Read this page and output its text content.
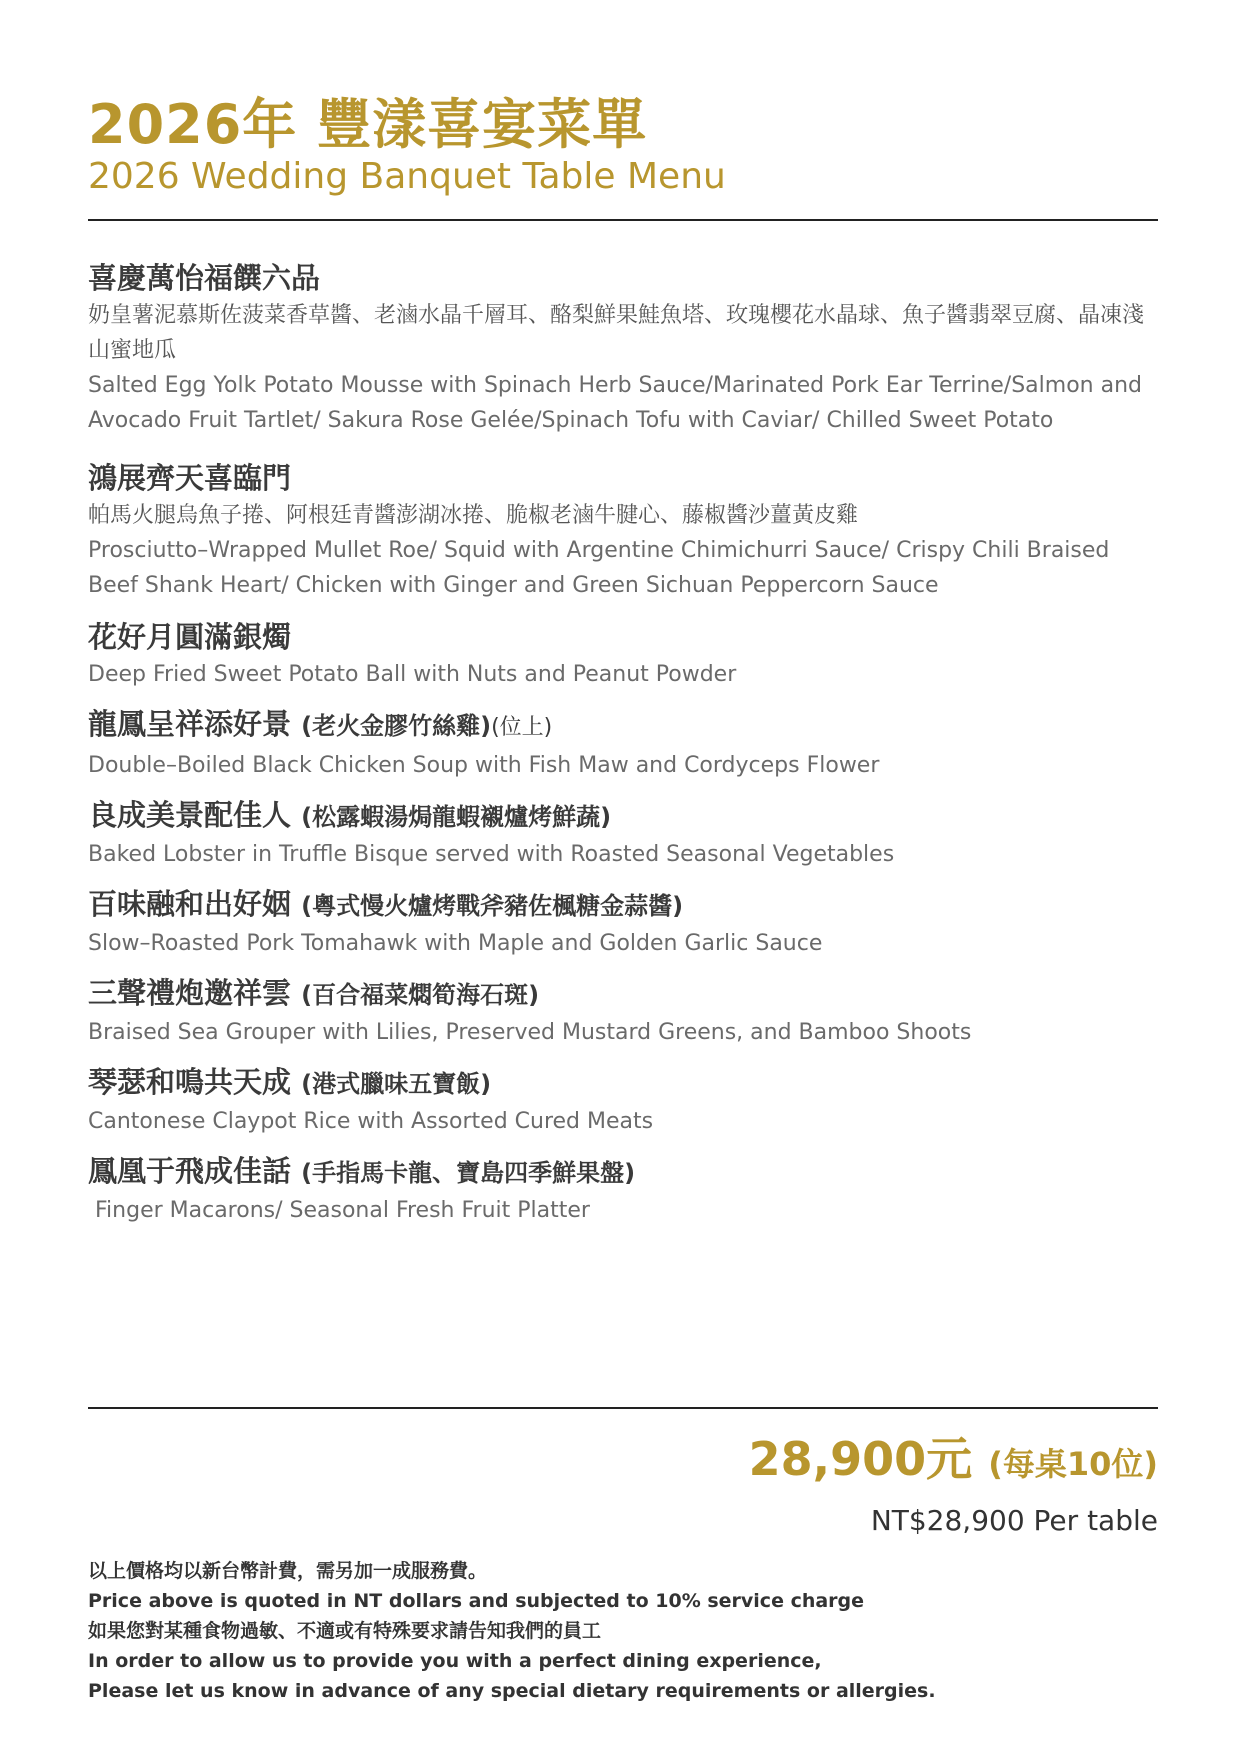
2026年 豐漾喜宴菜單
2026 Wedding Banquet Table Menu
喜慶萬怡福饌六品
奶皇薯泥慕斯佐菠菜香草醬、老滷水晶千層耳、酪梨鮮果鮭魚塔、玫瑰櫻花水晶球、魚子醬翡翠豆腐、晶凍淺山蜜地瓜
Salted Egg Yolk Potato Mousse with Spinach Herb Sauce/Marinated Pork Ear Terrine/Salmon and Avocado Fruit Tartlet/ Sakura Rose Gelée/Spinach Tofu with Caviar/ Chilled Sweet Potato
鴻展齊天喜臨門
帕馬火腿烏魚子捲、阿根廷青醬澎湖冰捲、脆椒老滷牛腱心、藤椒醬沙薑黃皮雞
Prosciutto–Wrapped Mullet Roe/ Squid with Argentine Chimichurri Sauce/ Crispy Chili Braised Beef Shank Heart/ Chicken with Ginger and Green Sichuan Peppercorn Sauce
花好月圓滿銀燭
Deep Fried Sweet Potato Ball with Nuts and Peanut Powder
龍鳳呈祥添好景 (老火金膠竹絲雞)(位上)
Double–Boiled Black Chicken Soup with Fish Maw and Cordyceps Flower
良成美景配佳人 (松露蝦湯焗龍蝦襯爐烤鮮蔬)
Baked Lobster in Truffle Bisque served with Roasted Seasonal Vegetables
百味融和出好姻 (粵式慢火爐烤戰斧豬佐楓糖金蒜醬)
Slow–Roasted Pork Tomahawk with Maple and Golden Garlic Sauce
三聲禮炮邀祥雲 (百合福菜燜筍海石斑)
Braised Sea Grouper with Lilies, Preserved Mustard Greens, and Bamboo Shoots
琴瑟和鳴共天成 (港式臘味五寶飯)
Cantonese Claypot Rice with Assorted Cured Meats
鳳凰于飛成佳話 (手指馬卡龍、寶島四季鮮果盤)
Finger Macarons/ Seasonal Fresh Fruit Platter
28,900元 (每桌10位)
NT$28,900 Per table
以上價格均以新台幣計費，需另加一成服務費。
Price above is quoted in NT dollars and subjected to 10% service charge
如果您對某種食物過敏、不適或有特殊要求請告知我們的員工
In order to allow us to provide you with a perfect dining experience,
Please let us know in advance of any special dietary requirements or allergies.
